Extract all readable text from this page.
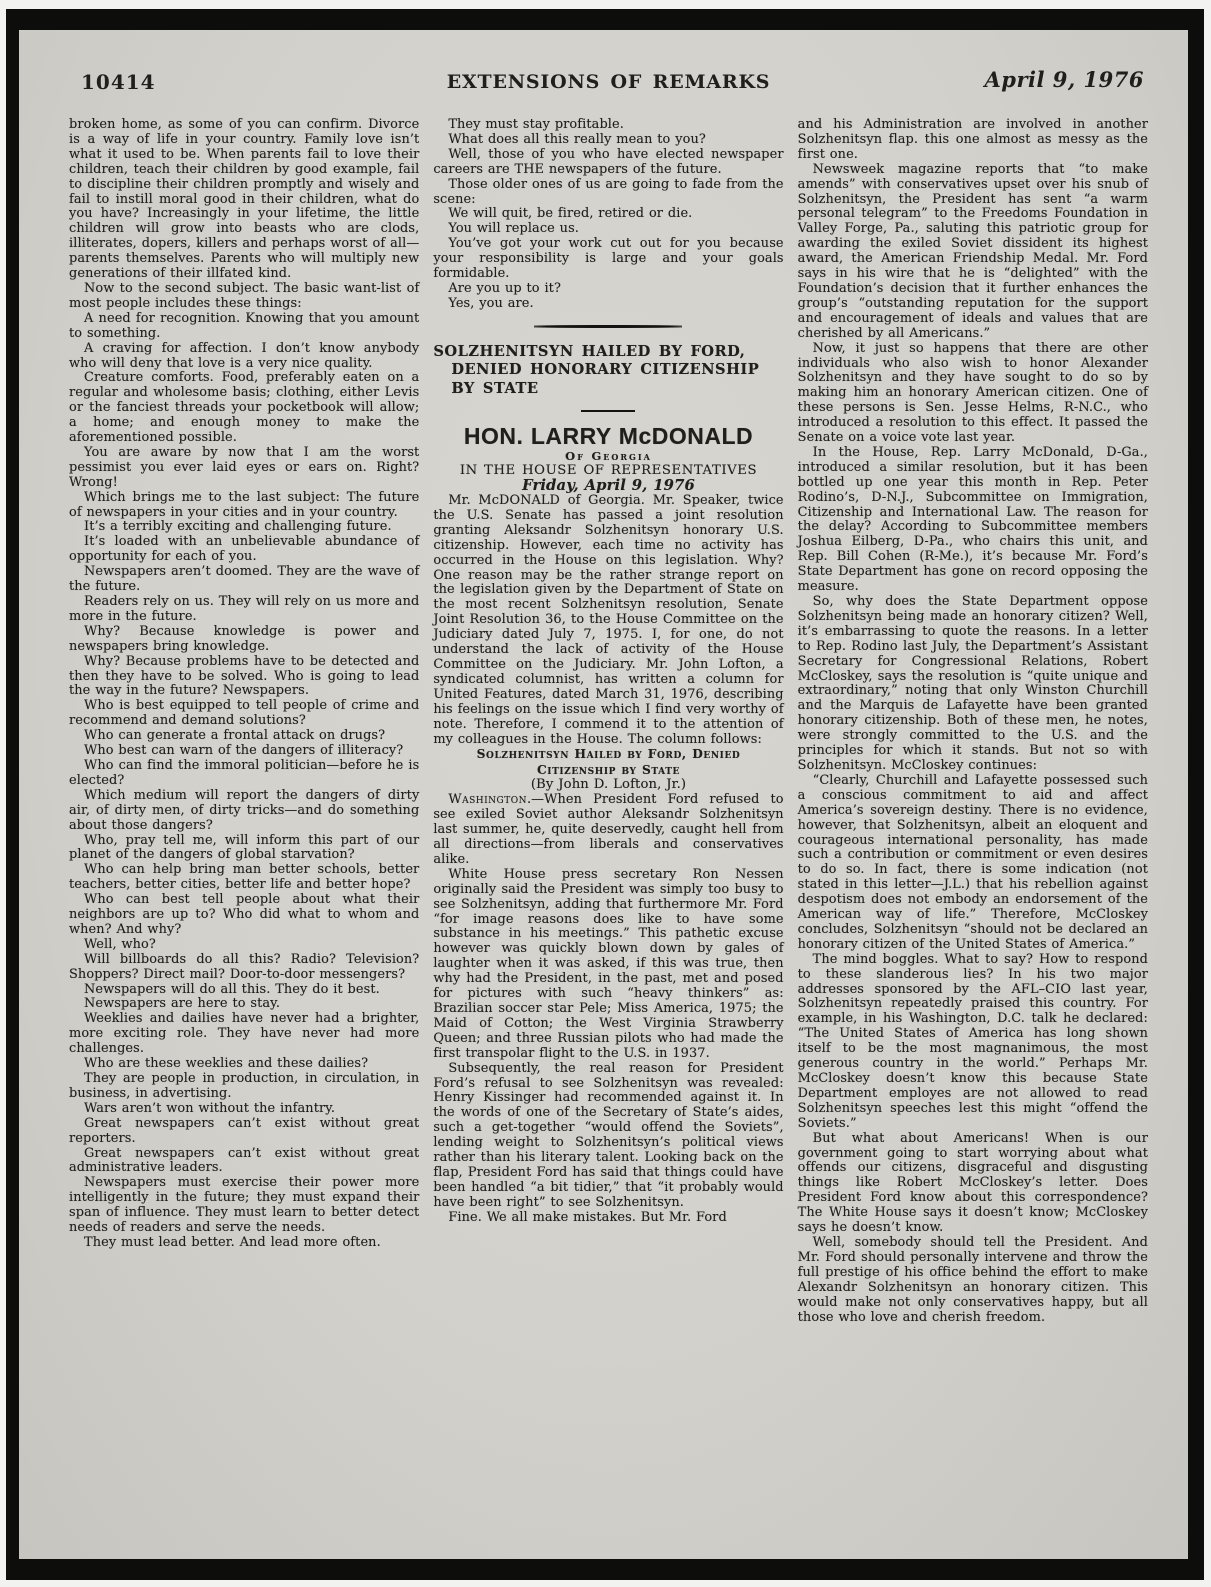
10414	EXTENSIONS OF REMARKS	April 9, 1976

broken home, as some of you can confirm. Divorce is a way of life in your country. Family love isn’t what it used to be. When parents fail to love their children, teach their children by good example, fail to discipline their children promptly and wisely and fail to instill moral good in their children, what do you have? Increasingly in your lifetime, the little children will grow into beasts who are clods, illiterates, dopers, killers and perhaps worst of all—parents themselves. Parents who will multiply new generations of their illfated kind.

Now to the second subject. The basic want-list of most people includes these things:

A need for recognition. Knowing that you amount to something.

A craving for affection. I don’t know anybody who will deny that love is a very nice quality.

Creature comforts. Food, preferably eaten on a regular and wholesome basis; clothing, either Levis or the fanciest threads your pocketbook will allow; a home; and enough money to make the aforementioned possible.

You are aware by now that I am the worst pessimist you ever laid eyes or ears on. Right? Wrong!

Which brings me to the last subject: The future of newspapers in your cities and in your country.

It’s a terribly exciting and challenging future.

It’s loaded with an unbelievable abundance of opportunity for each of you.

Newspapers aren’t doomed. They are the wave of the future.

Readers rely on us. They will rely on us more and more in the future.

Why? Because knowledge is power and newspapers bring knowledge.

Why? Because problems have to be detected and then they have to be solved. Who is going to lead the way in the future? Newspapers.

Who is best equipped to tell people of crime and recommend and demand solutions?

Who can generate a frontal attack on drugs?

Who best can warn of the dangers of illiteracy?

Who can find the immoral politician—before he is elected?

Which medium will report the dangers of dirty air, of dirty men, of dirty tricks—and do something about those dangers?

Who, pray tell me, will inform this part of our planet of the dangers of global starvation?

Who can help bring man better schools, better teachers, better cities, better life and better hope?

Who can best tell people about what their neighbors are up to? Who did what to whom and when? And why?

Well, who?

Will billboards do all this? Radio? Television? Shoppers? Direct mail? Door-to-door messengers?

Newspapers will do all this. They do it best.

Newspapers are here to stay.

Weeklies and dailies have never had a brighter, more exciting role. They have never had more challenges.

Who are these weeklies and these dailies?

They are people in production, in circulation, in business, in advertising.

Wars aren’t won without the infantry.

Great newspapers can’t exist without great reporters.

Great newspapers can’t exist without great administrative leaders.

Newspapers must exercise their power more intelligently in the future; they must expand their span of influence. They must learn to better detect needs of readers and serve the needs.

They must lead better. And lead more often.

They must stay profitable.

What does all this really mean to you?

Well, those of you who have elected newspaper careers are THE newspapers of the future.

Those older ones of us are going to fade from the scene:

We will quit, be fired, retired or die.

You will replace us.

You’ve got your work cut out for you because your responsibility is large and your goals formidable.

Are you up to it?

Yes, you are.

SOLZHENITSYN HAILED BY FORD, DENIED HONORARY CITIZENSHIP BY STATE

HON. LARRY MᴄDONALD

Of Georgia

IN THE HOUSE OF REPRESENTATIVES

Friday, April 9, 1976

Mr. McDONALD of Georgia. Mr. Speaker, twice the U.S. Senate has passed a joint resolution granting Aleksandr Solzhenitsyn honorary U.S. citizenship. However, each time no activity has occurred in the House on this legislation. Why? One reason may be the rather strange report on the legislation given by the Department of State on the most recent Solzhenitsyn resolution, Senate Joint Resolution 36, to the House Committee on the Judiciary dated July 7, 1975. I, for one, do not understand the lack of activity of the House Committee on the Judiciary. Mr. John Lofton, a syndicated columnist, has written a column for United Features, dated March 31, 1976, describing his feelings on the issue which I find very worthy of note. Therefore, I commend it to the attention of my colleagues in the House. The column follows:

Solzhenitsyn Hailed by Ford, Denied
Citizenship by State

(By John D. Lofton, Jr.)

Washington.—When President Ford refused to see exiled Soviet author Aleksandr Solzhenitsyn last summer, he, quite deservedly, caught hell from all directions—from liberals and conservatives alike.

White House press secretary Ron Nessen originally said the President was simply too busy to see Solzhenitsyn, adding that furthermore Mr. Ford “for image reasons does like to have some substance in his meetings.” This pathetic excuse however was quickly blown down by gales of laughter when it was asked, if this was true, then why had the President, in the past, met and posed for pictures with such “heavy thinkers” as: Brazilian soccer star Pele; Miss America, 1975; the Maid of Cotton; the West Virginia Strawberry Queen; and three Russian pilots who had made the first transpolar flight to the U.S. in 1937.

Subsequently, the real reason for President Ford’s refusal to see Solzhenitsyn was revealed: Henry Kissinger had recommended against it. In the words of one of the Secretary of State’s aides, such a get-together “would offend the Soviets”, lending weight to Solzhenitsyn’s political views rather than his literary talent. Looking back on the flap, President Ford has said that things could have been handled “a bit tidier,” that “it probably would have been right” to see Solzhenitsyn.

Fine. We all make mistakes. But Mr. Ford

and his Administration are involved in another Solzhenitsyn flap. this one almost as messy as the first one.

Newsweek magazine reports that “to make amends” with conservatives upset over his snub of Solzhenitsyn, the President has sent “a warm personal telegram” to the Freedoms Foundation in Valley Forge, Pa., saluting this patriotic group for awarding the exiled Soviet dissident its highest award, the American Friendship Medal. Mr. Ford says in his wire that he is “delighted” with the Foundation’s decision that it further enhances the group’s “outstanding reputation for the support and encouragement of ideals and values that are cherished by all Americans.”

Now, it just so happens that there are other individuals who also wish to honor Alexander Solzhenitsyn and they have sought to do so by making him an honorary American citizen. One of these persons is Sen. Jesse Helms, R-N.C., who introduced a resolution to this effect. It passed the Senate on a voice vote last year.

In the House, Rep. Larry McDonald, D-Ga., introduced a similar resolution, but it has been bottled up one year this month in Rep. Peter Rodino’s, D-N.J., Subcommittee on Immigration, Citizenship and International Law. The reason for the delay? According to Subcommittee members Joshua Eilberg, D-Pa., who chairs this unit, and Rep. Bill Cohen (R-Me.), it’s because Mr. Ford’s State Department has gone on record opposing the measure.

So, why does the State Department oppose Solzhenitsyn being made an honorary citizen? Well, it’s embarrassing to quote the reasons. In a letter to Rep. Rodino last July, the Department’s Assistant Secretary for Congressional Relations, Robert McCloskey, says the resolution is “quite unique and extraordinary,” noting that only Winston Churchill and the Marquis de Lafayette have been granted honorary citizenship. Both of these men, he notes, were strongly committed to the U.S. and the principles for which it stands. But not so with Solzhenitsyn. McCloskey continues:

“Clearly, Churchill and Lafayette possessed such a conscious commitment to aid and affect America’s sovereign destiny. There is no evidence, however, that Solzhenitsyn, albeit an eloquent and courageous international personality, has made such a contribution or commitment or even desires to do so. In fact, there is some indication (not stated in this letter—J.L.) that his rebellion against despotism does not embody an endorsement of the American way of life.” Therefore, McCloskey concludes, Solzhenitsyn “should not be declared an honorary citizen of the United States of America.”

The mind boggles. What to say? How to respond to these slanderous lies? In his two major addresses sponsored by the AFL–CIO last year, Solzhenitsyn repeatedly praised this country. For example, in his Washington, D.C. talk he declared: “The United States of America has long shown itself to be the most magnanimous, the most generous country in the world.” Perhaps Mr. McCloskey doesn’t know this because State Department employes are not allowed to read Solzhenitsyn speeches lest this might “offend the Soviets.”

But what about Americans! When is our government going to start worrying about what offends our citizens, disgraceful and disgusting things like Robert McCloskey’s letter. Does President Ford know about this correspondence? The White House says it doesn’t know; McCloskey says he doesn’t know.

Well, somebody should tell the President. And Mr. Ford should personally intervene and throw the full prestige of his office behind the effort to make Alexandr Solzhenitsyn an honorary citizen. This would make not only conservatives happy, but all those who love and cherish freedom.
